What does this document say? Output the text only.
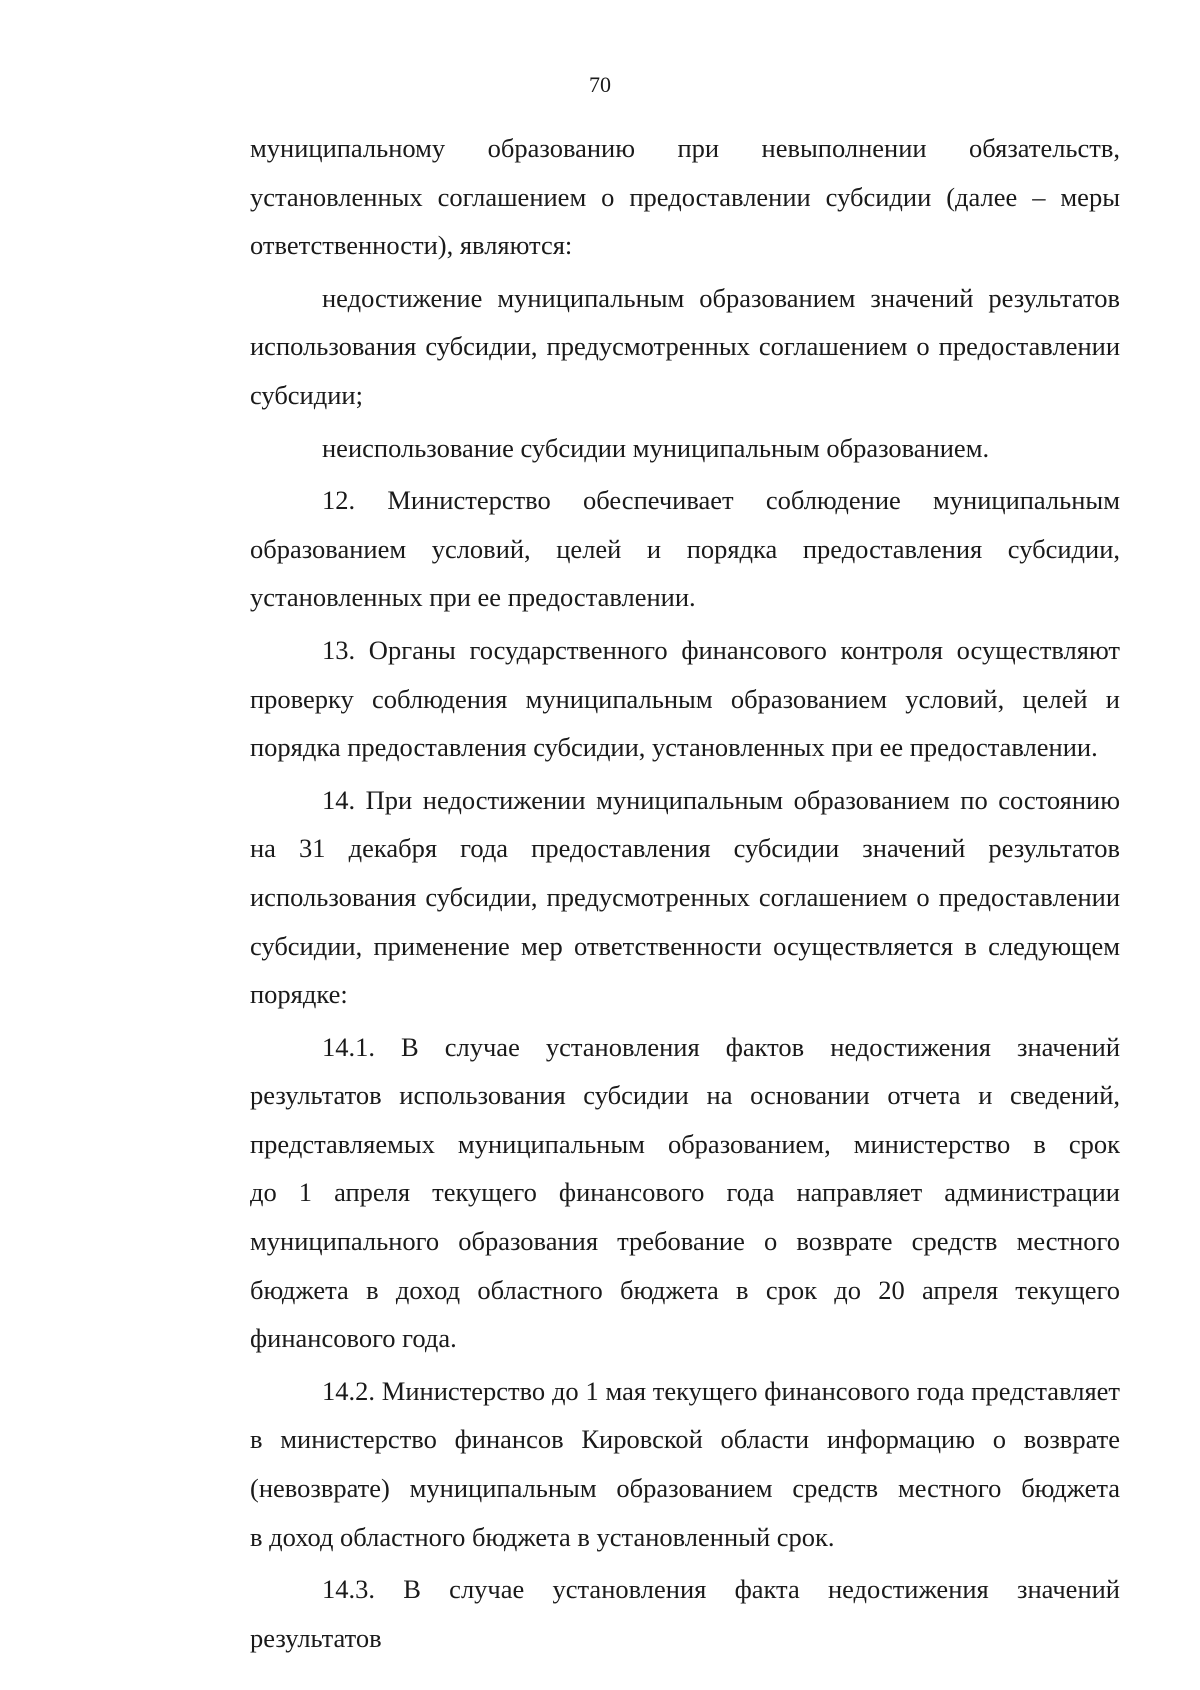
70
муниципальному образованию при невыполнении обязательств,
установленных соглашением о предоставлении субсидии (далее – меры
ответственности), являются:
недостижение муниципальным образованием значений результатов
использования субсидии, предусмотренных соглашением о предоставлении
субсидии;
неиспользование субсидии муниципальным образованием.
12. Министерство обеспечивает соблюдение муниципальным
образованием условий, целей и порядка предоставления субсидии,
установленных при ее предоставлении.
13. Органы государственного финансового контроля осуществляют
проверку соблюдения муниципальным образованием условий, целей и
порядка предоставления субсидии, установленных при ее предоставлении.
14. При недостижении муниципальным образованием по состоянию
на 31 декабря года предоставления субсидии значений результатов
использования субсидии, предусмотренных соглашением о предоставлении
субсидии, применение мер ответственности осуществляется в следующем
порядке:
14.1. В случае установления фактов недостижения значений
результатов использования субсидии на основании отчета и сведений,
представляемых муниципальным образованием, министерство в срок
до 1 апреля текущего финансового года направляет администрации
муниципального образования требование о возврате средств местного
бюджета в доход областного бюджета в срок до 20 апреля текущего
финансового года.
14.2. Министерство до 1 мая текущего финансового года представляет
в министерство финансов Кировской области информацию о возврате
(невозврате) муниципальным образованием средств местного бюджета
в доход областного бюджета в установленный срок.
14.3. В случае установления факта недостижения значений результатов
